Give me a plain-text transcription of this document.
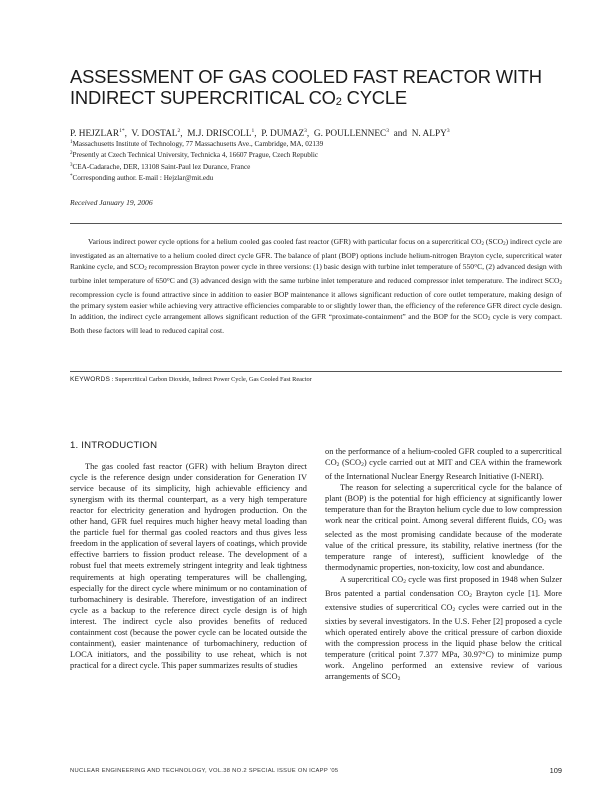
ASSESSMENT OF GAS COOLED FAST REACTOR WITH
INDIRECT SUPERCRITICAL $CO_2$ CYCLE
P. $HEJZLAR^{1*}$,  V. DOSTAL$^2$,  M.J. DRISCOLL$^1$,  P. DUMAZ$^3$,  G. POULLENNEC$^3$ and N. ALPY$^3$
$^1$Massachusetts Institute of Technology, 77 Massachusetts Ave., Cambridge, MA, 02139
$^2$Presently at Czech Technical University, Technicka 4, 16607 Prague, Czech Republic
$^3$CEA-Cadarache, DER, 13108 Saint-Paul lez Durance, France
*Corresponding author. E-mail : Hejzlar@mit.edu
Received January 19, 2006

Various indirect power cycle options for a helium cooled gas cooled fast reactor (GFR) with particular focus on a supercritical $CO_2$ $(SCO_2)$ indirect cycle are investigated as an alternative to a helium cooled direct cycle GFR. The balance of plant (BOP) options include helium-nitrogen Brayton cycle, supercritical water Rankine cycle, and $SCO_2$ recompression Brayton power cycle in three versions: (1) basic design with turbine inlet temperature of 550°C, (2) advanced design with turbine inlet temperature of 650°C and (3) advanced design with the same turbine inlet temperature and reduced compressor inlet temperature. The indirect $SCO_2$ recompression cycle is found attractive since in addition to easier BOP maintenance it allows significant reduction of core outlet temperature, making design of the primary system easier while achieving very attractive efficiencies comparable to or slightly lower than, the efficiency of the reference GFR direct cycle design. In addition, the indirect cycle arrangement allows significant reduction of the GFR “proximate-containment” and the BOP for the $SCO_2$ cycle is very compact. Both these factors will lead to reduced capital cost.

KEYWORDS : Supercritical Carbon Dioxide, Indirect Power Cycle, Gas Cooled Fast Reactor
1. INTRODUCTION

The gas cooled fast reactor (GFR) with helium Brayton direct cycle is the reference design under consideration for Generation IV service because of its simplicity, high achievable efficiency and synergism with its thermal counterpart, as a very high temperature reactor for electricity generation and hydrogen production. On the other hand, GFR fuel requires much higher heavy metal loading than the particle fuel for thermal gas cooled reactors and thus gives less freedom in the application of several layers of coatings, which provide effective barriers to fission product release. The development of a robust fuel that meets extremely stringent integrity and leak tightness requirements at high operating temperatures will be challenging, especially for the direct cycle where minimum or no contamination of turbomachinery is desirable. Therefore, investigation of an indirect cycle as a backup to the reference direct cycle design is of high interest. The indirect cycle also provides benefits of reduced containment cost (because the power cycle can be located outside the containment), easier maintenance of turbomachinery, reduction of LOCA initiators, and the possibility to use reheat, which is not practical for a direct cycle. This paper summarizes results of studies

on the performance of a helium-cooled GFR coupled to a supercritical $CO_2$ $(SCO_2)$ cycle carried out at MIT and CEA within the framework of the International Nuclear Energy Research Initiative (I-NERI).

The reason for selecting a supercritical cycle for the balance of plant (BOP) is the potential for high efficiency at significantly lower temperature than for the Brayton helium cycle due to low compression work near the critical point. Among several different fluids, $CO_2$ was selected as the most promising candidate because of the moderate value of the critical pressure, its stability, relative inertness (for the temperature range of interest), sufficient knowledge of the thermodynamic properties, non-toxicity, low cost and abundance.

A supercritical $CO_2$ cycle was first proposed in 1948 when Sulzer Bros patented a partial condensation $CO_2$ Brayton cycle [1]. More extensive studies of supercritical $CO_2$ cycles were carried out in the sixties by several investigators. In the U.S. Feher [2] proposed a cycle which operated entirely above the critical pressure of carbon dioxide with the compression process in the liquid phase below the critical temperature (critical point 7.377 MPa, 30.97°C) to minimize pump work. Angelino performed an extensive review of various arrangements of $SCO_2$

NUCLEAR ENGINEERING AND TECHNOLOGY, VOL.38 NO.2 SPECIAL ISSUE ON ICAPP ’05	109
